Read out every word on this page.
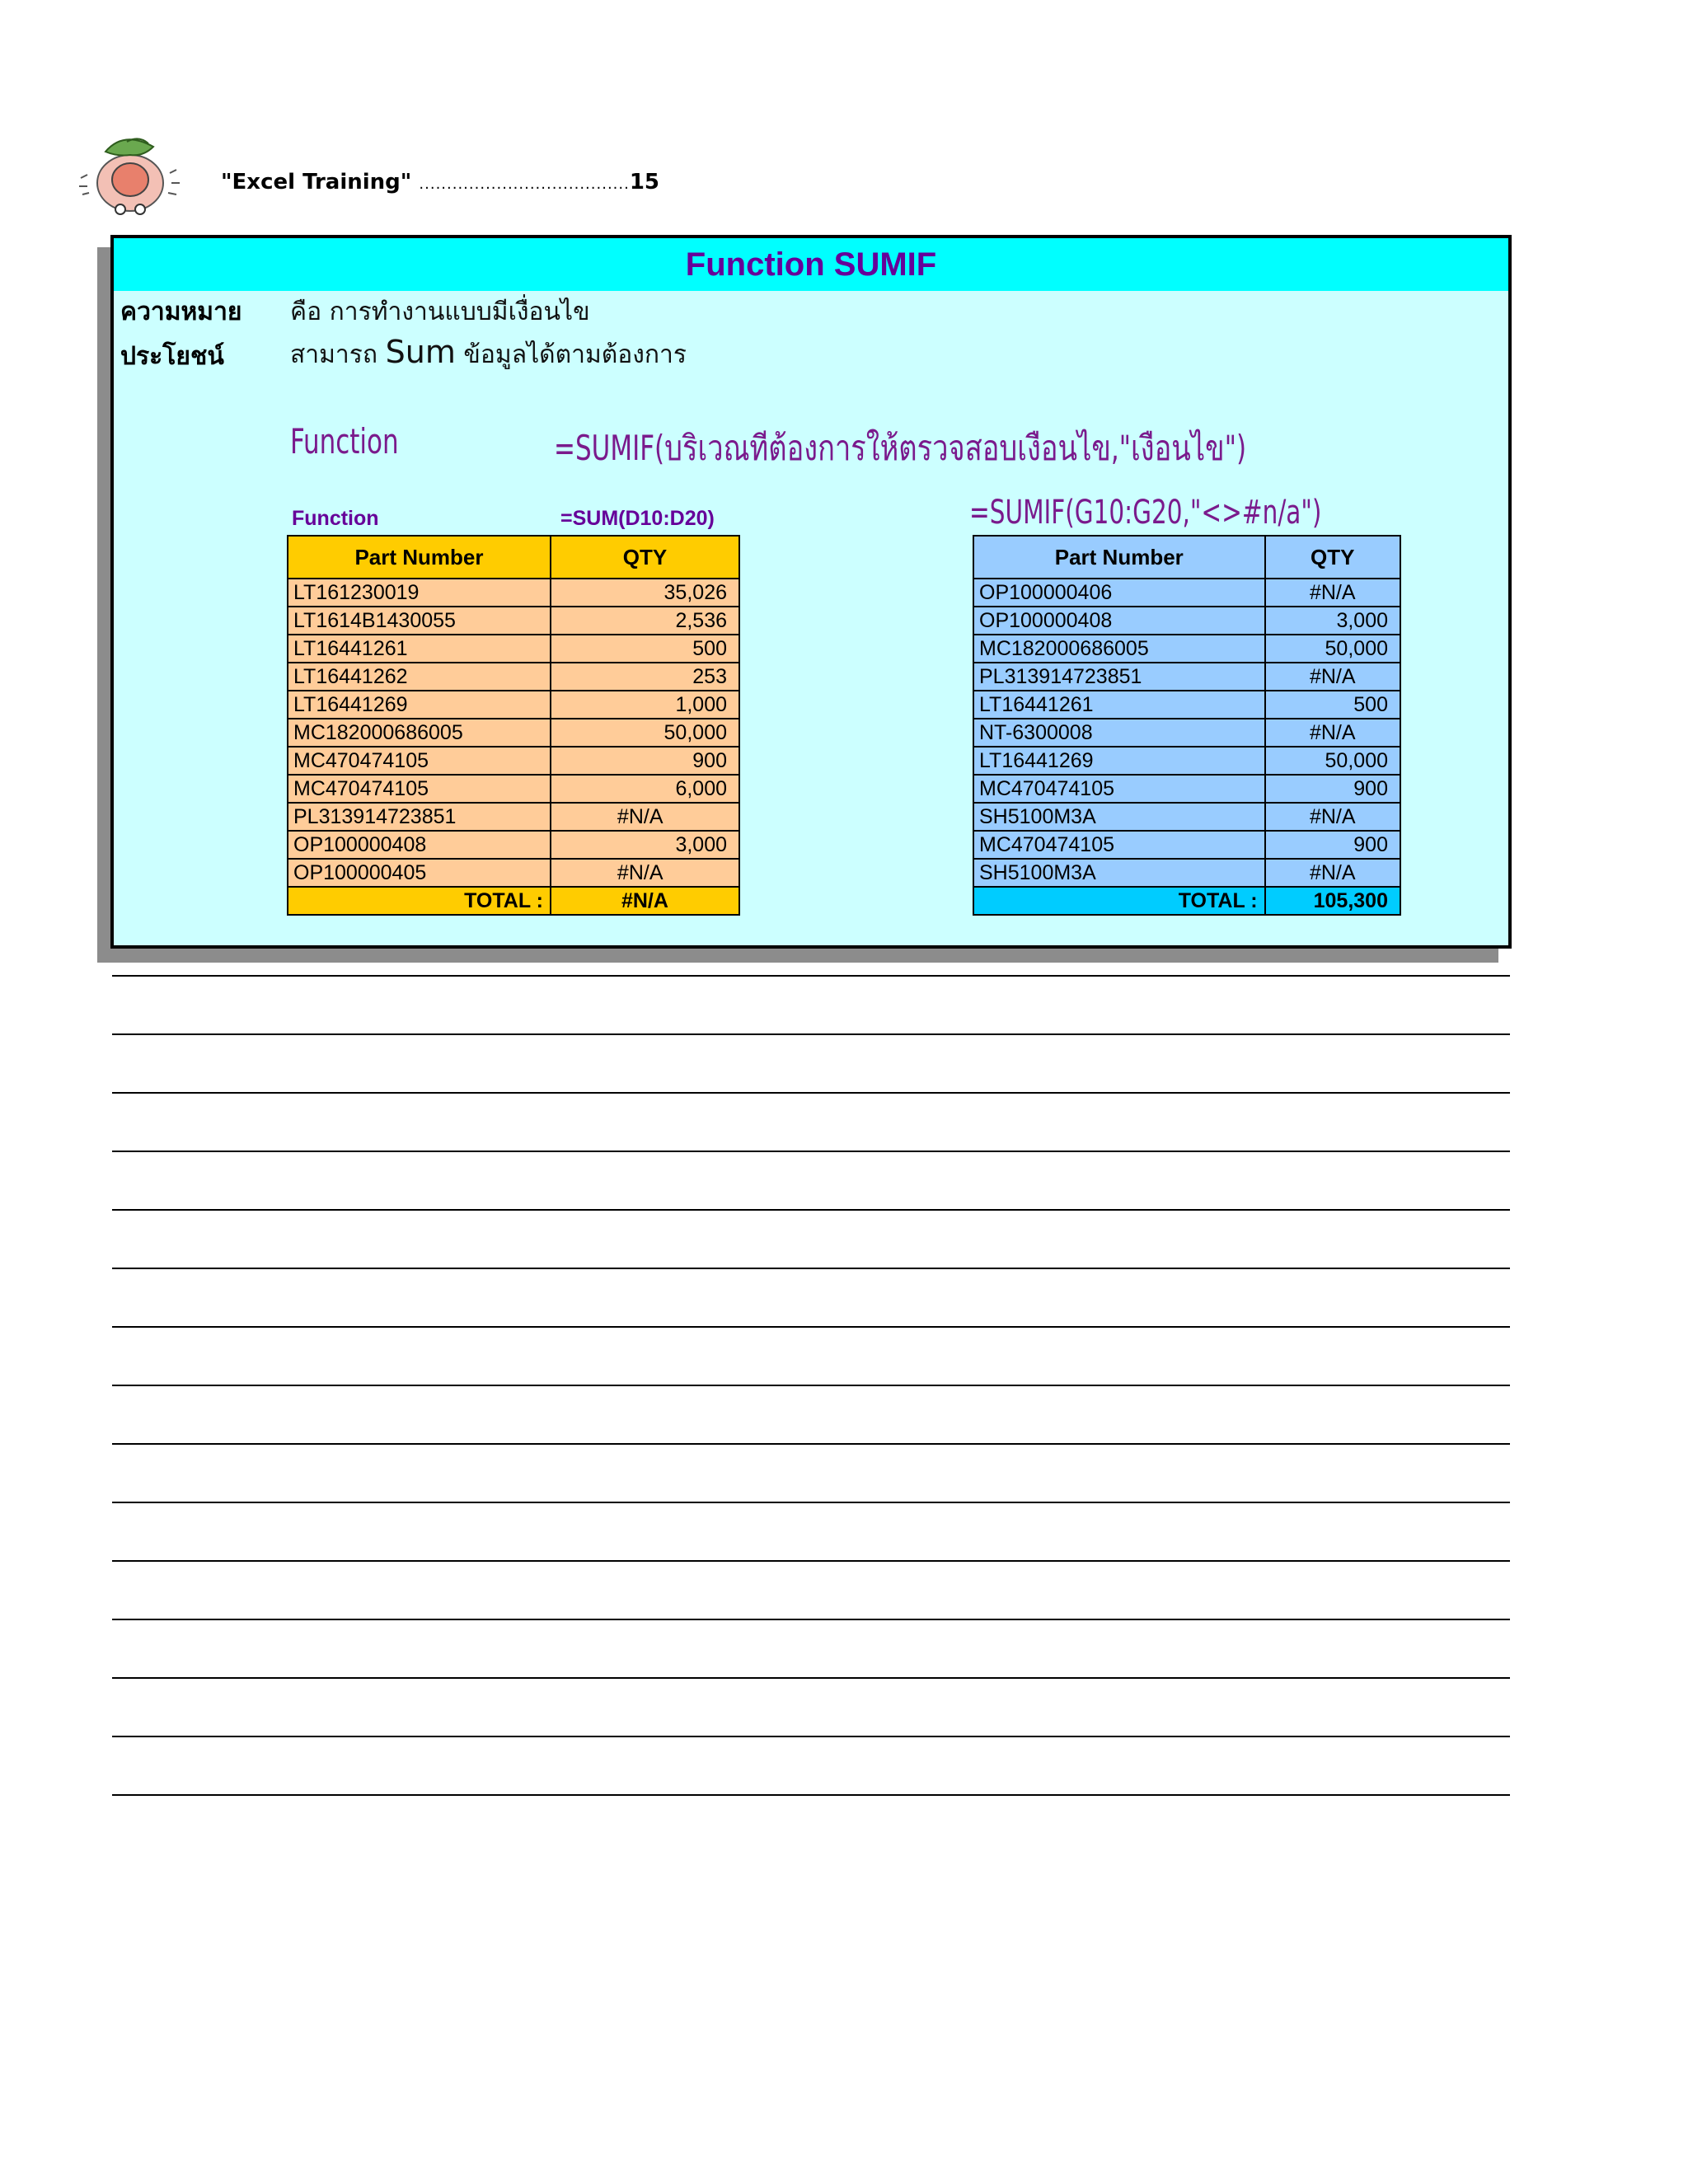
"Excel Training" ......................................15
Function SUMIF
ความหมาย คือ การทำงานแบบมีเงื่อนไข
ประโยชน์	สามารถ Sum ข้อมูลได้ตามต้องการ
Function	=SUMIF(บริเวณทีต้องการให้ตรวจสอบเงือนไข,"เงือนไข")
Function	=SUM(D10:D20)	=SUMIF(G10:G20,"<>#n/a")
Part Number	QTY
LT161230019	35,026
LT1614B1430055	2,536
LT16441261	500
LT16441262	253
LT16441269	1,000
MC182000686005	50,000
MC470474105	900
MC470474105	6,000
PL313914723851	#N/A
OP100000408	3,000
OP100000405	#N/A
TOTAL :	#N/A
Part Number	QTY
OP100000406	#N/A
OP100000408	3,000
MC182000686005	50,000
PL313914723851	#N/A
LT16441261	500
NT-6300008	#N/A
LT16441269	50,000
MC470474105	900
SH5100M3A	#N/A
MC470474105	900
SH5100M3A	#N/A
TOTAL :	105,300
